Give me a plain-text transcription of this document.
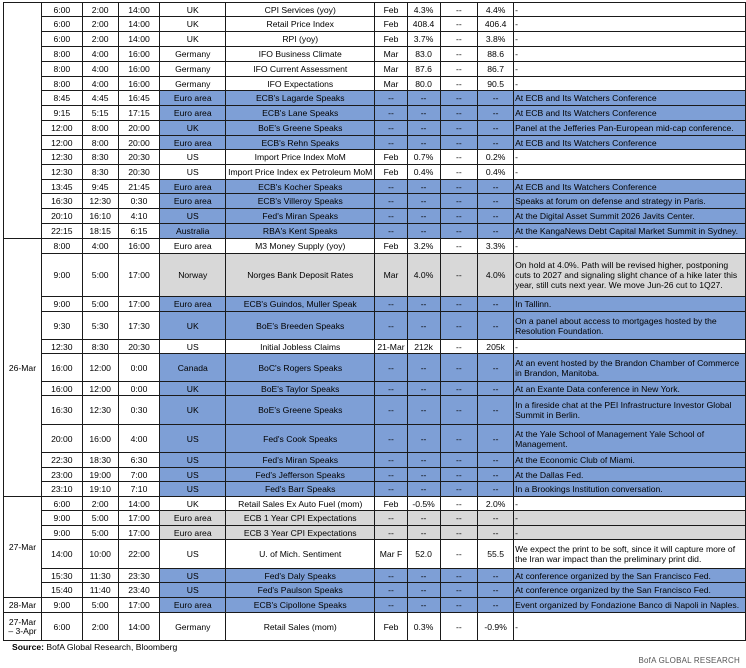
	6:00	2:00	14:00	UK	CPI Services (yoy)	Feb	4.3%	--	4.4%	-
	6:00	2:00	14:00	UK	Retail Price Index	Feb	408.4	--	406.4	-
	6:00	2:00	14:00	UK	RPI (yoy)	Feb	3.7%	--	3.8%	-
	8:00	4:00	16:00	Germany	IFO Business Climate	Mar	83.0	--	88.6	-
	8:00	4:00	16:00	Germany	IFO Current Assessment	Mar	87.6	--	86.7	-
	8:00	4:00	16:00	Germany	IFO Expectations	Mar	80.0	--	90.5	-
	8:45	4:45	16:45	Euro area	ECB's Lagarde Speaks	--	--	--	--	At ECB and Its Watchers Conference
	9:15	5:15	17:15	Euro area	ECB's Lane Speaks	--	--	--	--	At ECB and Its Watchers Conference
	12:00	8:00	20:00	UK	BoE's Greene Speaks	--	--	--	--	Panel at the Jefferies Pan-European mid-cap conference.
	12:00	8:00	20:00	Euro area	ECB's Rehn Speaks	--	--	--	--	At ECB and Its Watchers Conference
	12:30	8:30	20:30	US	Import Price Index MoM	Feb	0.7%	--	0.2%	-
	12:30	8:30	20:30	US	Import Price Index ex Petroleum MoM	Feb	0.4%	--	0.4%	-
	13:45	9:45	21:45	Euro area	ECB's Kocher Speaks	--	--	--	--	At ECB and Its Watchers Conference
	16:30	12:30	0:30	Euro area	ECB's Villeroy Speaks	--	--	--	--	Speaks at forum on defense and strategy in Paris.
	20:10	16:10	4:10	US	Fed's Miran Speaks	--	--	--	--	At the Digital Asset Summit 2026 Javits Center.
	22:15	18:15	6:15	Australia	RBA's Kent Speaks	--	--	--	--	At the KangaNews Debt Capital Market Summit in Sydney.
26-Mar	8:00	4:00	16:00	Euro area	M3 Money Supply (yoy)	Feb	3.2%	--	3.3%	-
	9:00	5:00	17:00	Norway	Norges Bank Deposit Rates	Mar	4.0%	--	4.0%	On hold at 4.0%. Path will be revised higher, postponing cuts to 2027 and signaling slight chance of a hike later this year, still cuts next year. We move Jun-26 cut to 1Q27.
	9:00	5:00	17:00	Euro area	ECB's Guindos, Muller Speak	--	--	--	--	In Tallinn.
	9:30	5:30	17:30	UK	BoE's Breeden Speaks	--	--	--	--	On a panel about access to mortgages hosted by the Resolution Foundation.
	12:30	8:30	20:30	US	Initial Jobless Claims	21-Mar	212k	--	205k	-
	16:00	12:00	0:00	Canada	BoC's Rogers Speaks	--	--	--	--	At an event hosted by the Brandon Chamber of Commerce in Brandon, Manitoba.
	16:00	12:00	0:00	UK	BoE's Taylor Speaks	--	--	--	--	At an Exante Data conference in New York.
	16:30	12:30	0:30	UK	BoE's Greene Speaks	--	--	--	--	In a fireside chat at the PEI Infrastructure Investor Global Summit in Berlin.
	20:00	16:00	4:00	US	Fed's Cook Speaks	--	--	--	--	At the Yale School of Management Yale School of Management.
	22:30	18:30	6:30	US	Fed's Miran Speaks	--	--	--	--	At the Economic Club of Miami.
	23:00	19:00	7:00	US	Fed's Jefferson Speaks	--	--	--	--	At the Dallas Fed.
	23:10	19:10	7:10	US	Fed's Barr Speaks	--	--	--	--	In a Brookings Institution conversation.
27-Mar	6:00	2:00	14:00	UK	Retail Sales Ex Auto Fuel (mom)	Feb	-0.5%	--	2.0%	-
	9:00	5:00	17:00	Euro area	ECB 1 Year CPI Expectations	--	--	--	--	-
	9:00	5:00	17:00	Euro area	ECB 3 Year CPI Expectations	--	--	--	--	-
	14:00	10:00	22:00	US	U. of Mich. Sentiment	Mar F	52.0	--	55.5	We expect the print to be soft, since it will capture more of the Iran war impact than the preliminary print did.
	15:30	11:30	23:30	US	Fed's Daly Speaks	--	--	--	--	At conference organized by the San Francisco Fed.
	15:40	11:40	23:40	US	Fed's Paulson Speaks	--	--	--	--	At conference organized by the San Francisco Fed.
28-Mar	9:00	5:00	17:00	Euro area	ECB's Cipollone Speaks	--	--	--	--	Event organized by Fondazione Banco di Napoli in Naples.
27-Mar – 3-Apr	6:00	2:00	14:00	Germany	Retail Sales (mom)	Feb	0.3%	--	-0.9%	-
Source: BofA Global Research, Bloomberg
BofA GLOBAL RESEARCH
